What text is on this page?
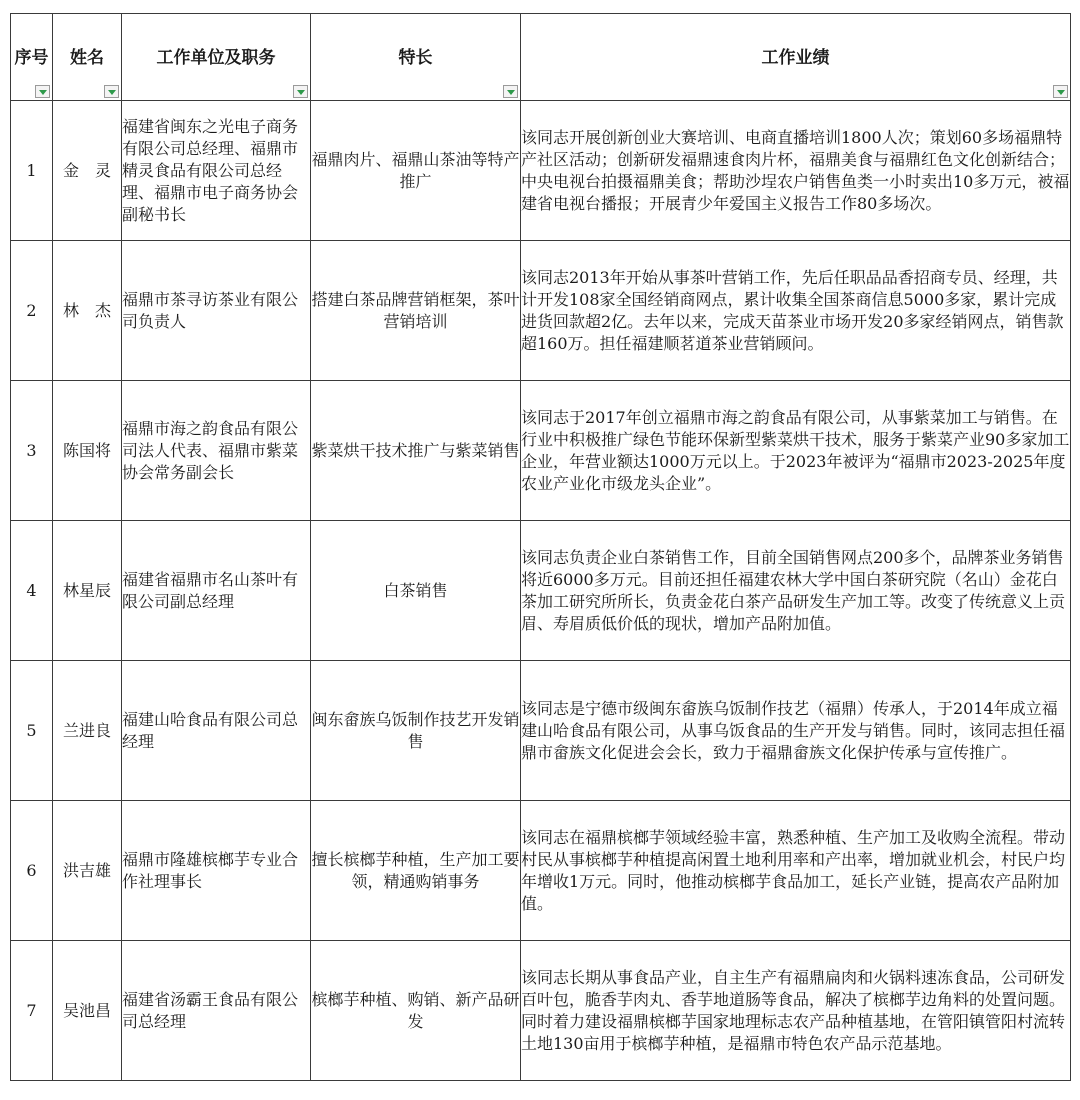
序号	姓名	工作单位及职务	特长	工作业绩

1	金　灵	福建省闽东之光电子商务有限公司总经理、福鼎市精灵食品有限公司总经理、福鼎市电子商务协会副秘书长	福鼎肉片、福鼎山茶油等特产推广	该同志开展创新创业大赛培训、电商直播培训1800人次；策划60多场福鼎特产社区活动；创新研发福鼎速食肉片杯，福鼎美食与福鼎红色文化创新结合；中央电视台拍摄福鼎美食；帮助沙埕农户销售鱼类一小时卖出10多万元，被福建省电视台播报；开展青少年爱国主义报告工作80多场次。
2	林　杰	福鼎市茶寻访茶业有限公司负责人	搭建白茶品牌营销框架，茶叶营销培训	该同志2013年开始从事茶叶营销工作，先后任职品品香招商专员、经理，共计开发108家全国经销商网点，累计收集全国茶商信息5000多家，累计完成进货回款超2亿。去年以来，完成天苗茶业市场开发20多家经销网点，销售款超160万。担任福建顺茗道茶业营销顾问。
3	陈国将	福鼎市海之韵食品有限公司法人代表、福鼎市紫菜协会常务副会长	紫菜烘干技术推广与紫菜销售	该同志于2017年创立福鼎市海之韵食品有限公司，从事紫菜加工与销售。在行业中积极推广绿色节能环保新型紫菜烘干技术，服务于紫菜产业90多家加工企业，年营业额达1000万元以上。于2023年被评为“福鼎市2023-2025年度农业产业化市级龙头企业”。
4	林星辰	福建省福鼎市名山茶叶有限公司副总经理	白茶销售	该同志负责企业白茶销售工作，目前全国销售网点200多个，品牌茶业务销售将近6000多万元。目前还担任福建农林大学中国白茶研究院（名山）金花白茶加工研究所所长，负责金花白茶产品研发生产加工等。改变了传统意义上贡眉、寿眉质低价低的现状，增加产品附加值。
5	兰进良	福建山哈食品有限公司总经理	闽东畲族乌饭制作技艺开发销售	该同志是宁德市级闽东畲族乌饭制作技艺（福鼎）传承人，于2014年成立福建山哈食品有限公司，从事乌饭食品的生产开发与销售。同时，该同志担任福鼎市畲族文化促进会会长，致力于福鼎畲族文化保护传承与宣传推广。
6	洪吉雄	福鼎市隆雄槟榔芋专业合作社理事长	擅长槟榔芋种植，生产加工要领，精通购销事务	该同志在福鼎槟榔芋领域经验丰富，熟悉种植、生产加工及收购全流程。带动村民从事槟榔芋种植提高闲置土地利用率和产出率，增加就业机会，村民户均年增收1万元。同时，他推动槟榔芋食品加工，延长产业链，提高农产品附加值。
7	吴池昌	福建省汤霸王食品有限公司总经理	槟榔芋种植、购销、新产品研发	该同志长期从事食品产业，自主生产有福鼎扁肉和火锅料速冻食品，公司研发百叶包，脆香芋肉丸、香芋地道肠等食品，解决了槟榔芋边角料的处置问题。同时着力建设福鼎槟榔芋国家地理标志农产品种植基地，在管阳镇管阳村流转土地130亩用于槟榔芋种植，是福鼎市特色农产品示范基地。
